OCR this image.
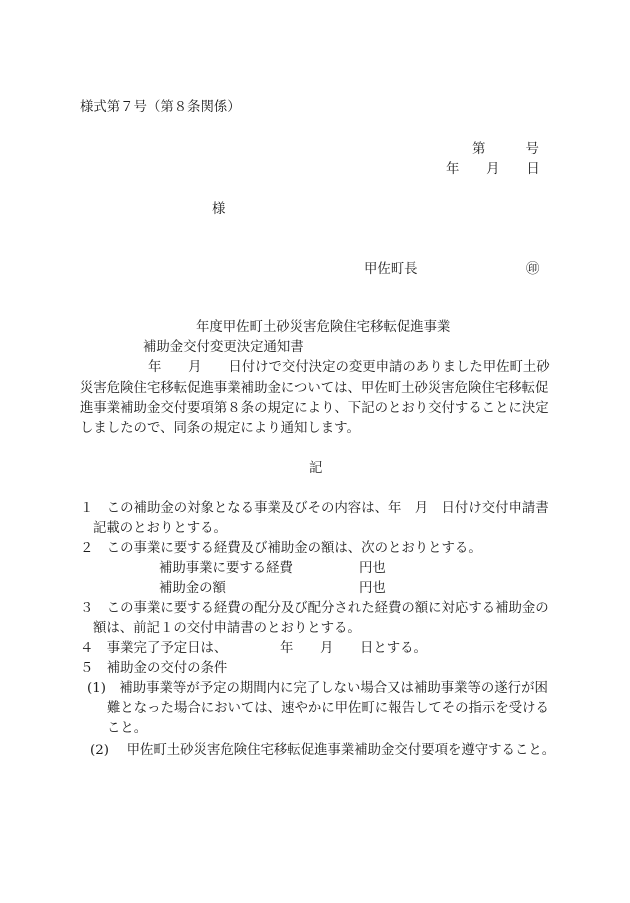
様式第７号（第８条関係）
第　　　号
年　　月　　日
様
甲佐町長	㊞
年度甲佐町土砂災害危険住宅移転促進事業
補助金交付変更決定通知書
年　　月　　日付けで交付決定の変更申請のありました甲佐町土砂
災害危険住宅移転促進事業補助金については、甲佐町土砂災害危険住宅移転促
進事業補助金交付要項第８条の規定により、下記のとおり交付することに決定
しましたので、同条の規定により通知します。
記
１　この補助金の対象となる事業及びその内容は、年　月　日付け交付申請書
記載のとおりとする。
２　この事業に要する経費及び補助金の額は、次のとおりとする。
補助事業に要する経費	円也
補助金の額	円也
３　この事業に要する経費の配分及び配分された経費の額に対応する補助金の
額は、前記１の交付申請書のとおりとする。
４　事業完了予定日は、	年 月 日とする。
５　補助金の交付の条件
(1)　補助事業等が予定の期間内に完了しない場合又は補助事業等の遂行が困
難となった場合においては、速やかに甲佐町に報告してその指示を受ける
こと。
(2)　 甲佐町土砂災害危険住宅移転促進事業補助金交付要項を遵守すること。
